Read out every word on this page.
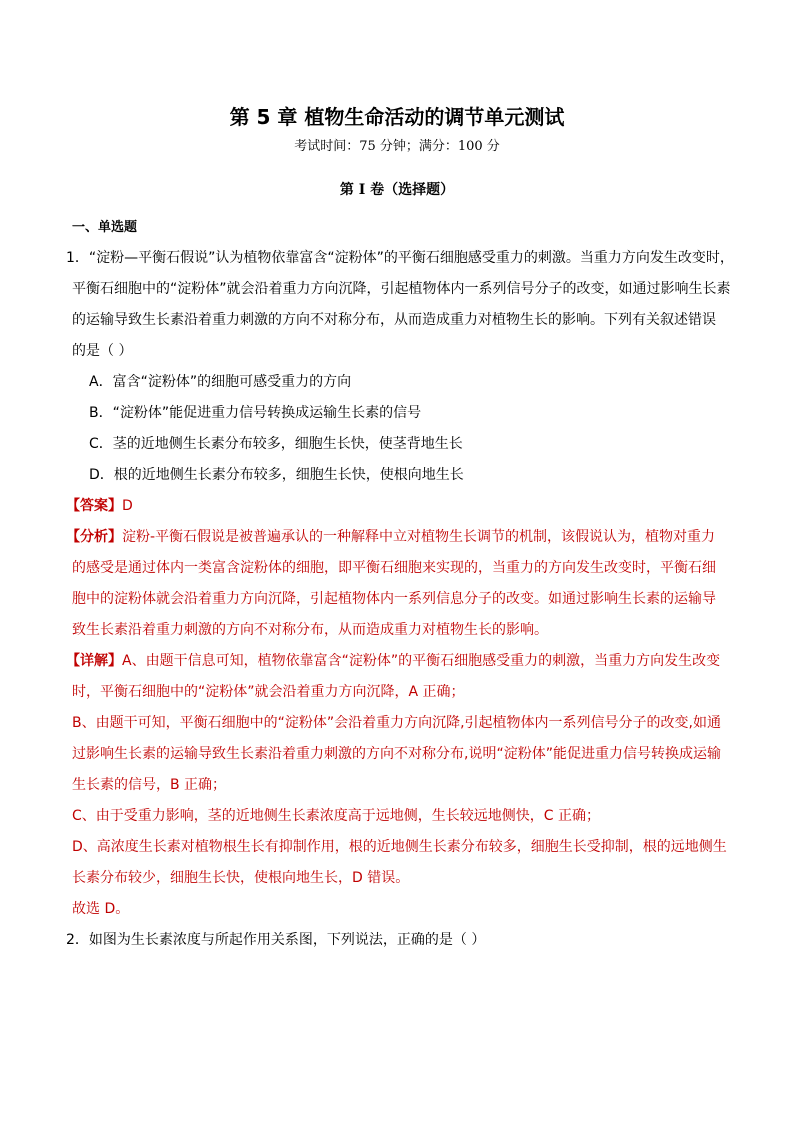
第 5 章 植物生命活动的调节单元测试
考试时间：75 分钟；满分：100 分
第 I 卷（选择题）
一、单选题
1．“淀粉—平衡石假说”认为植物依靠富含“淀粉体”的平衡石细胞感受重力的刺激。当重力方向发生改变时，
平衡石细胞中的“淀粉体”就会沿着重力方向沉降，引起植物体内一系列信号分子的改变，如通过影响生长素
的运输导致生长素沿着重力刺激的方向不对称分布，从而造成重力对植物生长的影响。下列有关叙述错误
的是（ ）
A．富含“淀粉体”的细胞可感受重力的方向
B．“淀粉体”能促进重力信号转换成运输生长素的信号
C．茎的近地侧生长素分布较多，细胞生长快，使茎背地生长
D．根的近地侧生长素分布较多，细胞生长快，使根向地生长
【答案】D
【分析】淀粉-平衡石假说是被普遍承认的一种解释中立对植物生长调节的机制，该假说认为，植物对重力
的感受是通过体内一类富含淀粉体的细胞，即平衡石细胞来实现的，当重力的方向发生改变时，平衡石细
胞中的淀粉体就会沿着重力方向沉降，引起植物体内一系列信息分子的改变。如通过影响生长素的运输导
致生长素沿着重力刺激的方向不对称分布，从而造成重力对植物生长的影响。
【详解】A、由题干信息可知，植物依靠富含“淀粉体”的平衡石细胞感受重力的刺激，当重力方向发生改变
时，平衡石细胞中的“淀粉体”就会沿着重力方向沉降，A 正确；
B、由题干可知，平衡石细胞中的“淀粉体”会沿着重力方向沉降,引起植物体内一系列信号分子的改变,如通
过影响生长素的运输导致生长素沿着重力刺激的方向不对称分布,说明“淀粉体”能促进重力信号转换成运输
生长素的信号，B 正确；
C、由于受重力影响，茎的近地侧生长素浓度高于远地侧，生长较远地侧快，C 正确；
D、高浓度生长素对植物根生长有抑制作用，根的近地侧生长素分布较多，细胞生长受抑制，根的远地侧生
长素分布较少，细胞生长快，使根向地生长，D 错误。
故选 D。
2．如图为生长素浓度与所起作用关系图，下列说法，正确的是（ ）
